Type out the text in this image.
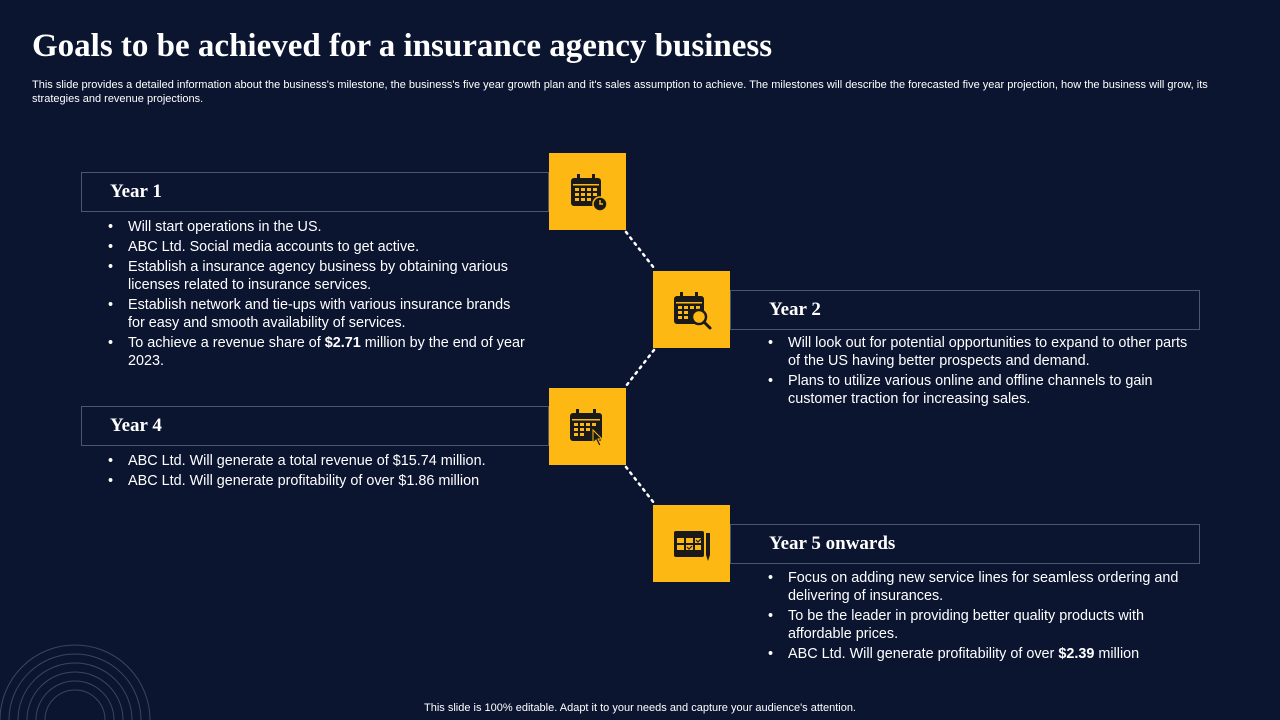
Goals to be achieved for a insurance agency business

This slide provides a detailed information about the business's milestone, the business's five year growth plan and it's sales assumption to achieve. The milestones will describe the forecasted five year projection, how the business will grow, its strategies and revenue projections.

Year 1
• Will start operations in the US.
• ABC Ltd. Social media accounts to get active.
• Establish a insurance agency business by obtaining various licenses related to insurance services.
• Establish network and tie-ups with various insurance brands for easy and smooth availability of services.
• To achieve a revenue share of $2.71 million by the end of year 2023.
Year 2
• Will look out for potential opportunities to expand to other parts of the US having better prospects and demand.
• Plans to utilize various online and offline channels to gain customer traction for increasing sales.
Year 4
• ABC Ltd. Will generate a total revenue of $15.74 million.
• ABC Ltd. Will generate profitability of over $1.86 million
Year 5 onwards
• Focus on adding new service lines for seamless ordering and delivering of insurances.
• To be the leader in providing better quality products with affordable prices.
• ABC Ltd. Will generate profitability of over $2.39 million
This slide is 100% editable. Adapt it to your needs and capture your audience's attention.
